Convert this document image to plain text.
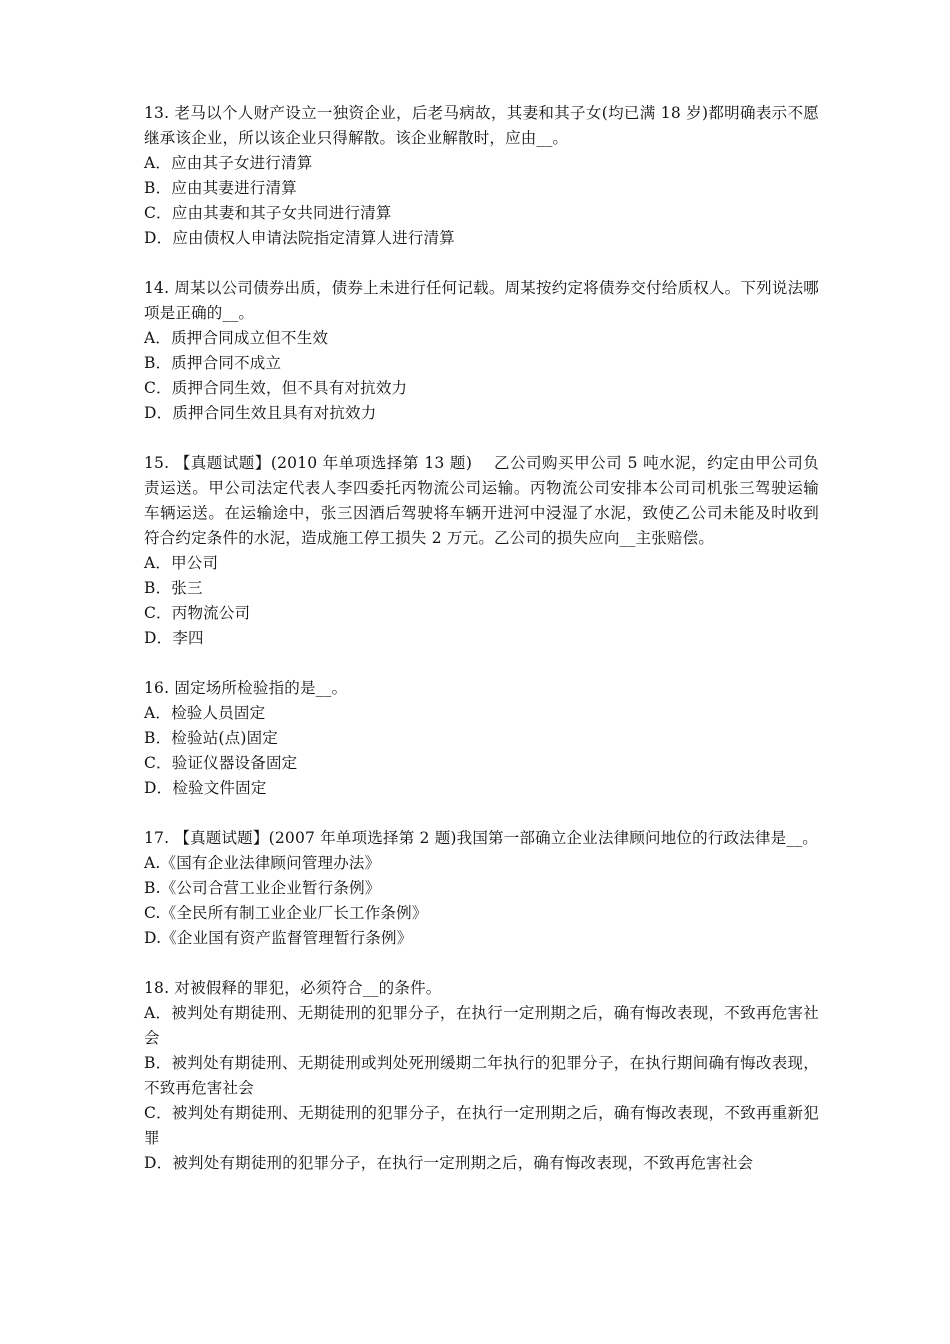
13. 老马以个人财产设立一独资企业，后老马病故，其妻和其子女(均已满 18 岁)都明确表示不愿继承该企业，所以该企业只得解散。该企业解散时，应由__。
A．应由其子女进行清算
B．应由其妻进行清算
C．应由其妻和其子女共同进行清算
D．应由债权人申请法院指定清算人进行清算
14. 周某以公司债券出质，债券上未进行任何记载。周某按约定将债券交付给质权人。下列说法哪项是正确的__。
A．质押合同成立但不生效
B．质押合同不成立
C．质押合同生效，但不具有对抗效力
D．质押合同生效且具有对抗效力
15. 【真题试题】(2010 年单项选择第 13 题)　 乙公司购买甲公司 5 吨水泥，约定由甲公司负责运送。甲公司法定代表人李四委托丙物流公司运输。丙物流公司安排本公司司机张三驾驶运输车辆运送。在运输途中，张三因酒后驾驶将车辆开进河中浸湿了水泥，致使乙公司未能及时收到符合约定条件的水泥，造成施工停工损失 2 万元。乙公司的损失应向__主张赔偿。
A．甲公司
B．张三
C．丙物流公司
D．李四
16. 固定场所检验指的是__。
A．检验人员固定
B．检验站(点)固定
C．验证仪器设备固定
D．检验文件固定
17. 【真题试题】(2007 年单项选择第 2 题)我国第一部确立企业法律顾问地位的行政法律是__。
A.《国有企业法律顾问管理办法》
B.《公司合营工业企业暂行条例》
C.《全民所有制工业企业厂长工作条例》
D.《企业国有资产监督管理暂行条例》
18. 对被假释的罪犯，必须符合__的条件。
A．被判处有期徒刑、无期徒刑的犯罪分子，在执行一定刑期之后，确有悔改表现，不致再危害社会
B．被判处有期徒刑、无期徒刑或判处死刑缓期二年执行的犯罪分子，在执行期间确有悔改表现，不致再危害社会
C．被判处有期徒刑、无期徒刑的犯罪分子，在执行一定刑期之后，确有悔改表现，不致再重新犯罪
D．被判处有期徒刑的犯罪分子，在执行一定刑期之后，确有悔改表现，不致再危害社会
